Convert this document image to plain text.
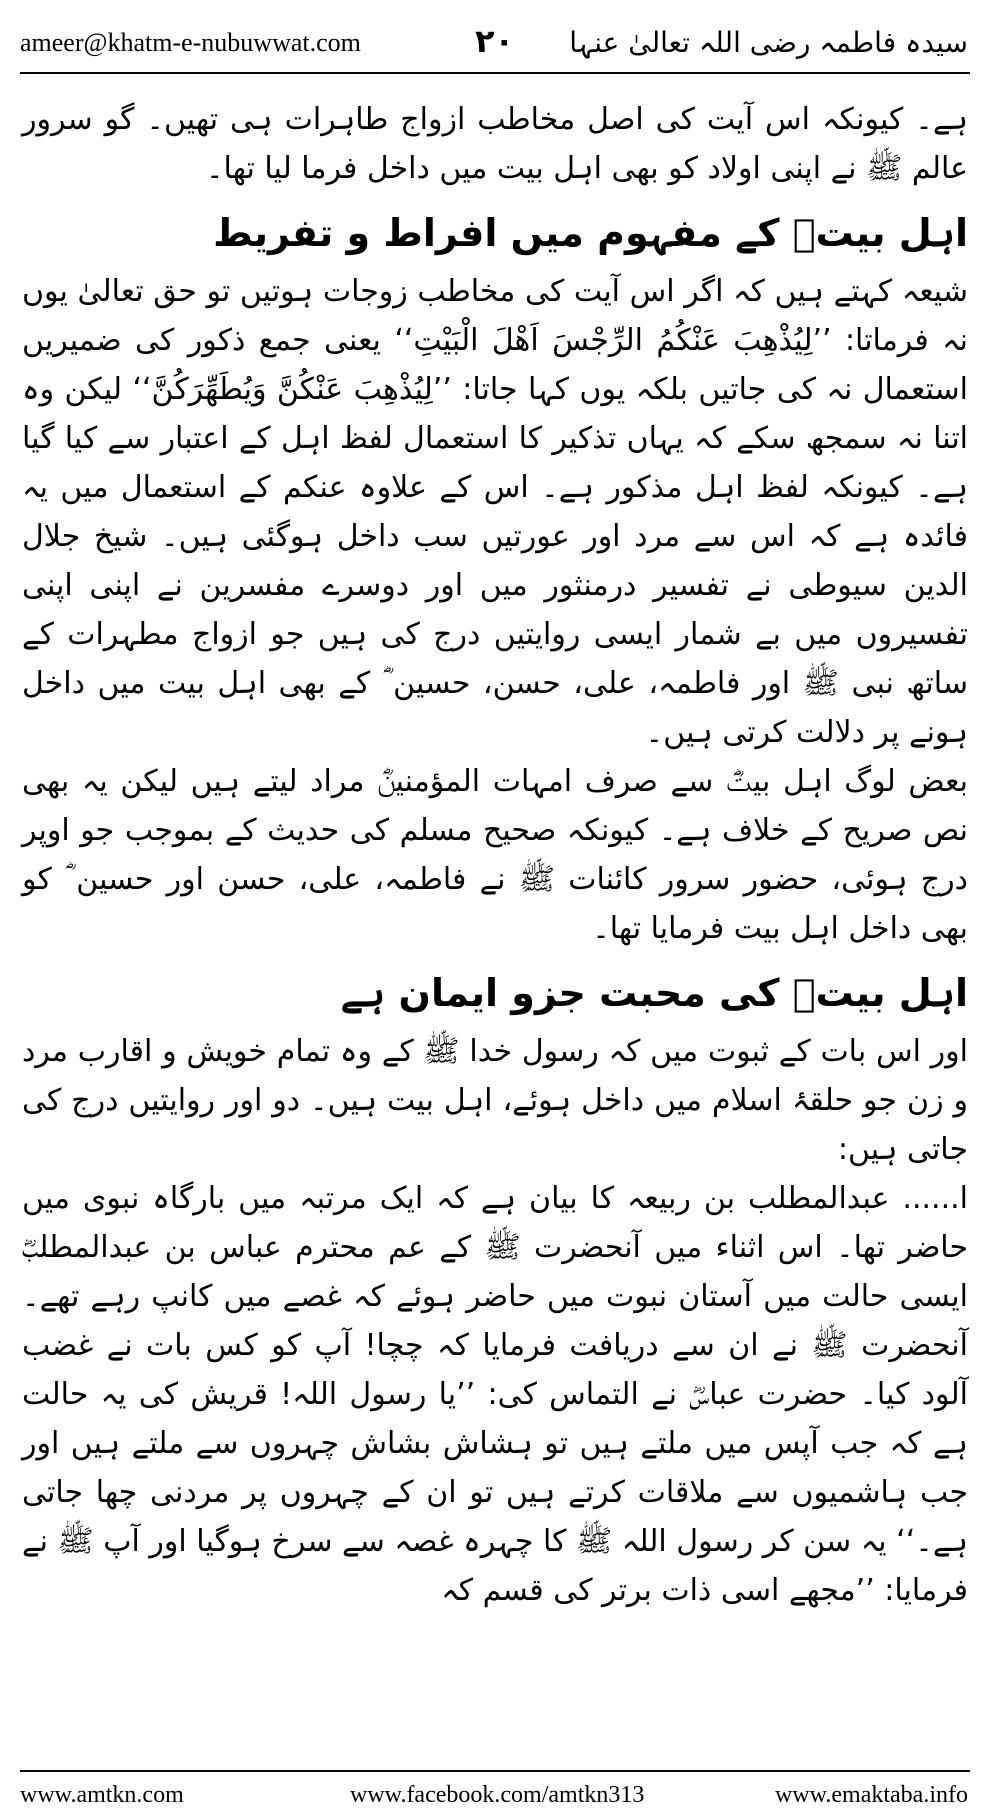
ameer@khatm-e-nubuwwat.com	۲۰ سیدہ فاطمہ رضی اللہ تعالیٰ عنہا

ہے۔ کیونکہ اس آیت کی اصل مخاطب ازواج طاہرات ہی تھیں۔ گو سرور عالم ﷺ نے اپنی اولاد کو بھی اہل بیت میں داخل فرما لیا تھا۔

اہل بیتؓ کے مفہوم میں افراط و تفریط

شیعہ کہتے ہیں کہ اگر اس آیت کی مخاطب زوجات ہوتیں تو حق تعالیٰ یوں نہ فرماتا: ’’لِيُذْهِبَ عَنْكُمُ الرِّجْسَ اَهْلَ الْبَيْتِ‘‘ یعنی جمع ذکور کی ضمیریں استعمال نہ کی جاتیں بلکہ یوں کہا جاتا: ’’لِيُذْهِبَ عَنْكُنَّ وَيُطَهِّرَكُنَّ‘‘ لیکن وہ اتنا نہ سمجھ سکے کہ یہاں تذکیر کا استعمال لفظ اہل کے اعتبار سے کیا گیا ہے۔ کیونکہ لفظ اہل مذکور ہے۔ اس کے علاوہ عنکم کے استعمال میں یہ فائدہ ہے کہ اس سے مرد اور عورتیں سب داخل ہوگئی ہیں۔ شیخ جلال الدین سیوطی نے تفسیر درمنثور میں اور دوسرے مفسرین نے اپنی اپنی تفسیروں میں بے شمار ایسی روایتیں درج کی ہیں جو ازواج مطہرات کے ساتھ نبی ﷺ اور فاطمہ، علی، حسن، حسین ؓ کے بھی اہل بیت میں داخل ہونے پر دلالت کرتی ہیں۔

بعض لوگ اہل بیتؓ سے صرف امہات المؤمنینؓ مراد لیتے ہیں لیکن یہ بھی نص صریح کے خلاف ہے۔ کیونکہ صحیح مسلم کی حدیث کے بموجب جو اوپر درج ہوئی، حضور سرور کائنات ﷺ نے فاطمہ، علی، حسن اور حسین ؓ کو بھی داخل اہل بیت فرمایا تھا۔

اہل بیتؓ کی محبت جزو ایمان ہے

اور اس بات کے ثبوت میں کہ رسول خدا ﷺ کے وہ تمام خویش و اقارب مرد و زن جو حلقۂ اسلام میں داخل ہوئے، اہل بیت ہیں۔ دو اور روایتیں درج کی جاتی ہیں:

ا...... عبدالمطلب بن ربیعہ کا بیان ہے کہ ایک مرتبہ میں بارگاہ نبوی میں حاضر تھا۔ اس اثناء میں آنحضرت ﷺ کے عم محترم عباس بن عبدالمطلبؓ ایسی حالت میں آستان نبوت میں حاضر ہوئے کہ غصے میں کانپ رہے تھے۔ آنحضرت ﷺ نے ان سے دریافت فرمایا کہ چچا! آپ کو کس بات نے غضب آلود کیا۔ حضرت عباسؓ نے التماس کی: ’’یا رسول اللہ! قریش کی یہ حالت ہے کہ جب آپس میں ملتے ہیں تو ہشاش بشاش چہروں سے ملتے ہیں اور جب ہاشمیوں سے ملاقات کرتے ہیں تو ان کے چہروں پر مردنی چھا جاتی ہے۔‘‘ یہ سن کر رسول اللہ ﷺ کا چہرہ غصہ سے سرخ ہوگیا اور آپ ﷺ نے فرمایا: ’’مجھے اسی ذات برتر کی قسم کہ

www.amtkn.com	www.facebook.com/amtkn313	www.emaktaba.info
